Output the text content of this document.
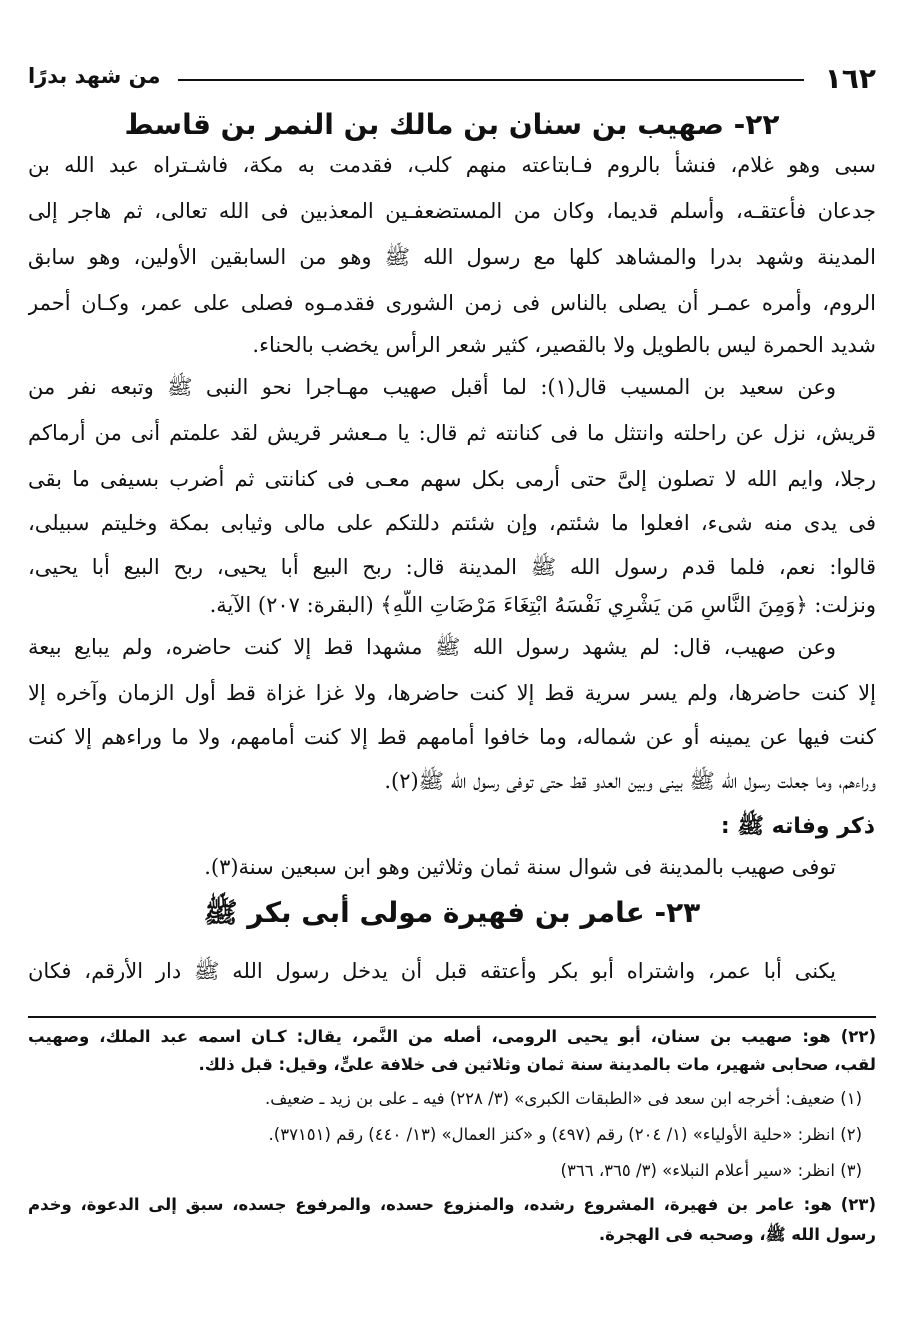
١٦٢
من شهد بدرًا
٢٢- صهيب بن سنان بن مالك بن النمر بن قاسط
سبى وهو غلام، فنشأ بالروم فـابتاعته منهم كلب، فقدمت به مكة، فاشـتراه عبد الله بن
جدعان فأعتقـه، وأسلم قديما، وكان من المستضعفـين المعذبين فى الله تعالى، ثم هاجر إلى
المدينة وشهد بدرا والمشاهد كلها مع رسول الله ﷺ وهو من السابقين الأولين، وهو سابق
الروم، وأمره عمـر أن يصلى بالناس فى زمن الشورى فقدمـوه فصلى على عمر، وكـان أحمر
شديد الحمرة ليس بالطويل ولا بالقصير، كثير شعر الرأس يخضب بالحناء.
وعن سعيد بن المسيب قال(١): لما أقبل صهيب مهـاجرا نحو النبى ﷺ وتبعه نفر من
قريش، نزل عن راحلته وانتثل ما فى كنانته ثم قال: يا مـعشر قريش لقد علمتم أنى من أرماكم
رجلا، وايم الله لا تصلون إلىَّ حتى أرمى بكل سهم معـى فى كنانتى ثم أضرب بسيفى ما بقى
فى يدى منه شىء، افعلوا ما شئتم، وإن شئتم دللتكم على مالى وثيابى بمكة وخليتم سبيلى،
قالوا: نعم، فلما قدم رسول الله ﷺ المدينة قال: ربح البيع أبا يحيى، ربح البيع أبا يحيى،
ونزلت: ﴿وَمِنَ النَّاسِ مَن يَشْرِي نَفْسَهُ ابْتِغَاءَ مَرْضَاتِ اللَّهِ﴾ (البقرة: ٢٠٧) الآية.
وعن صهيب، قال: لم يشهد رسول الله ﷺ مشهدا قط إلا كنت حاضره، ولم يبايع بيعة
إلا كنت حاضرها، ولم يسر سرية قط إلا كنت حاضرها، ولا غزا غزاة قط أول الزمان وآخره إلا
كنت فيها عن يمينه أو عن شماله، وما خافوا أمامهم قط إلا كنت أمامهم، ولا ما وراءهم إلا كنت
وراءهم، وما جعلت رسول الله ﷺ بينى وبين العدو قط حتى توفى رسول الله ﷺ(٢).
ذكر وفاته ﷺ :
توفى صهيب بالمدينة فى شوال سنة ثمان وثلاثين وهو ابن سبعين سنة(٣).
٢٣- عامر بن فهيرة مولى أبى بكر ﷺ
يكنى أبا عمر، واشتراه أبو بكر وأعتقه قبل أن يدخل رسول الله ﷺ دار الأرقم، فكان
(٢٢) هو: صهيب بن سنان، أبو يحيى الرومى، أصله من النَّمر، يقال: كـان اسمه عبد الملك، وصهيب
لقب، صحابى شهير، مات بالمدينة سنة ثمان وثلاثين فى خلافة علىٍّ، وقيل: قبل ذلك.
(١) ضعيف: أخرجه ابن سعد فى «الطبقات الكبرى» (٣/ ٢٢٨) فيه ـ على بن زيد ـ ضعيف.
(٢) انظر: «حلية الأولياء» (١/ ٢٠٤) رقم (٤٩٧) و «كنز العمال» (١٣/ ٤٤٠) رقم (٣٧١٥١).
(٣) انظر: «سير أعلام النبلاء» (٣/ ٣٦٥، ٣٦٦)
(٢٣) هو: عامر بن فهيرة، المشروع رشده، والمنزوع حسده، والمرفوع جسده، سبق إلى الدعوة، وخدم
رسول الله ﷺ، وصحبه فى الهجرة.
